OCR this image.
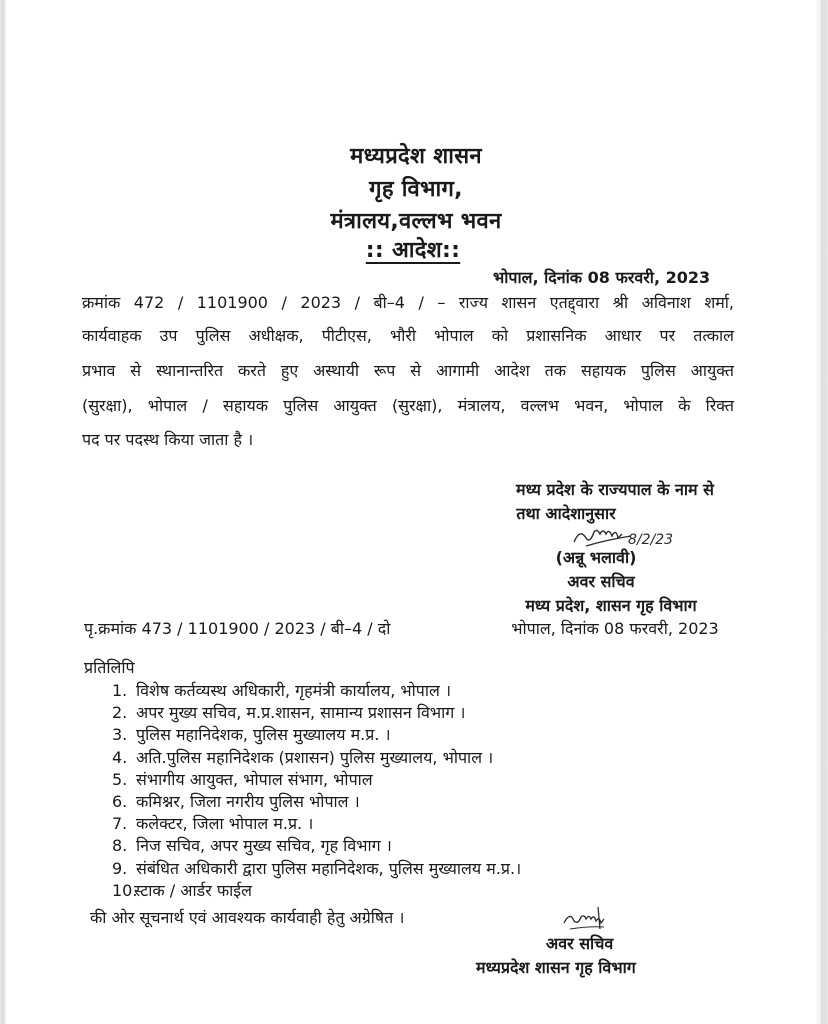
मध्यप्रदेश शासन
गृह विभाग,
मंत्रालय,वल्लभ भवन
:: आदेश::
भोपाल, दिनांक 08 फरवरी, 2023
क्रमांक 472 / 1101900 / 2023 / बी–4 / – राज्य शासन एतद्द्वारा श्री अविनाश शर्मा,
कार्यवाहक उप पुलिस अधीक्षक, पीटीएस, भौरी भोपाल को प्रशासनिक आधार पर तत्काल
प्रभाव से स्थानान्तरित करते हुए अस्थायी रूप से आगामी आदेश तक सहायक पुलिस आयुक्त
(सुरक्षा), भोपाल / सहायक पुलिस आयुक्त (सुरक्षा), मंत्रालय, वल्लभ भवन, भोपाल के रिक्त
पद पर पदस्थ किया जाता है ।
मध्य प्रदेश के राज्यपाल के नाम से
तथा आदेशानुसार
8/2/23
(अन्नू भलावी)
अवर सचिव
मध्य प्रदेश, शासन गृह विभाग
भोपाल, दिनांक 08 फरवरी, 2023
पृ.क्रमांक 473 / 1101900 / 2023 / बी–4 / दो
प्रतिलिपि
1. विशेष कर्तव्यस्थ अधिकारी, गृहमंत्री कार्यालय, भोपाल ।
2. अपर मुख्य सचिव, म.प्र.शासन, सामान्य प्रशासन विभाग ।
3. पुलिस महानिदेशक, पुलिस मुख्यालय म.प्र. ।
4. अति.पुलिस महानिदेशक (प्रशासन) पुलिस मुख्यालय, भोपाल ।
5. संभागीय आयुक्त, भोपाल संभाग, भोपाल
6. कमिश्नर, जिला नगरीय पुलिस भोपाल ।
7. कलेक्टर, जिला भोपाल म.प्र. ।
8. निज सचिव, अपर मुख्य सचिव, गृह विभाग ।
9. संबंधित अधिकारी द्वारा पुलिस महानिदेशक, पुलिस मुख्यालय म.प्र.।
10.
स्टाक / आर्डर फाईल
की ओर सूचनार्थ एवं आवश्यक कार्यवाही हेतु अग्रेषित ।
अवर सचिव
मध्यप्रदेश शासन गृह विभाग
